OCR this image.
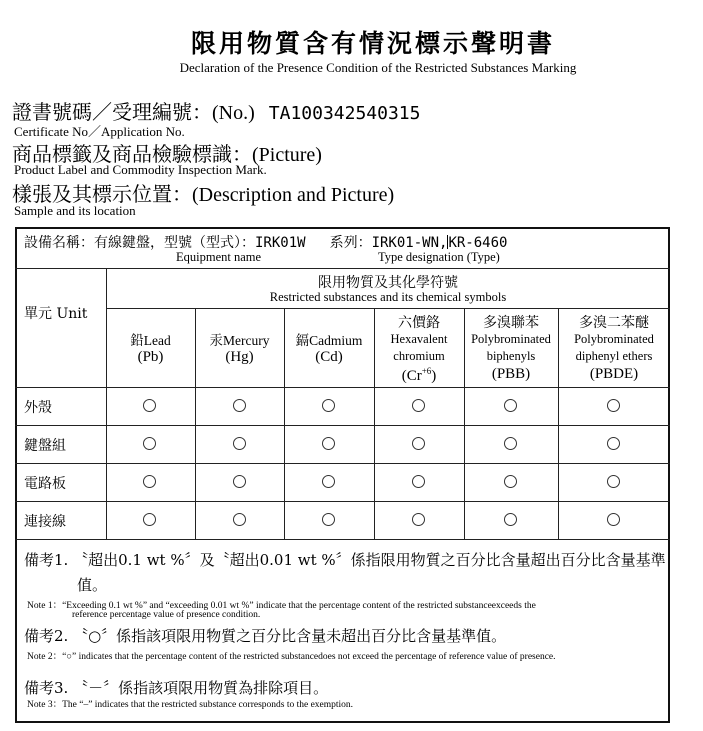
限用物質含有情況標示聲明書
Declaration of the Presence Condition of the Restricted Substances Marking
證書號碼／受理編號：(No.) TA100342540315
Certificate No／Application No.
商品標籤及商品檢驗標識：(Picture)
Product Label and Commodity Inspection Mark.
樣張及其標示位置：(Description and Picture)
Sample and its location
設備名稱：有線鍵盤，型號（型式）：IRK01W 系列：IRK01-WN,KR-6460
Equipment name	Type designation (Type)
單元 Unit
限用物質及其化學符號
Restricted substances and its chemical symbols
鉛Lead
(Pb)
汞Mercury
(Hg)
鎘Cadmium
(Cd)
六價鉻
Hexavalent
chromium
$(Cr^{+6})$
多溴聯苯
Polybrominated
biphenyls
(PBB)
多溴二苯醚
Polybrominated
diphenyl ethers
(PBDE)
外殼
鍵盤組
電路板
連接線
備考1. 〝超出0.1 wt %〞及〝超出0.01 wt %〞係指限用物質之百分比含量超出百分比含量基準
值。
Note 1：“Exceeding 0.1 wt %” and “exceeding 0.01 wt %” indicate that the percentage content of the restricted substanceexceeds the
reference percentage value of presence condition.
備考2. 〝○〞係指該項限用物質之百分比含量未超出百分比含量基準值。
Note 2：“○” indicates that the percentage content of the restricted substancedoes not exceed the percentage of reference value of presence.
備考3. 〝－〞係指該項限用物質為排除項目。
Note 3：The “–” indicates that the restricted substance corresponds to the exemption.
